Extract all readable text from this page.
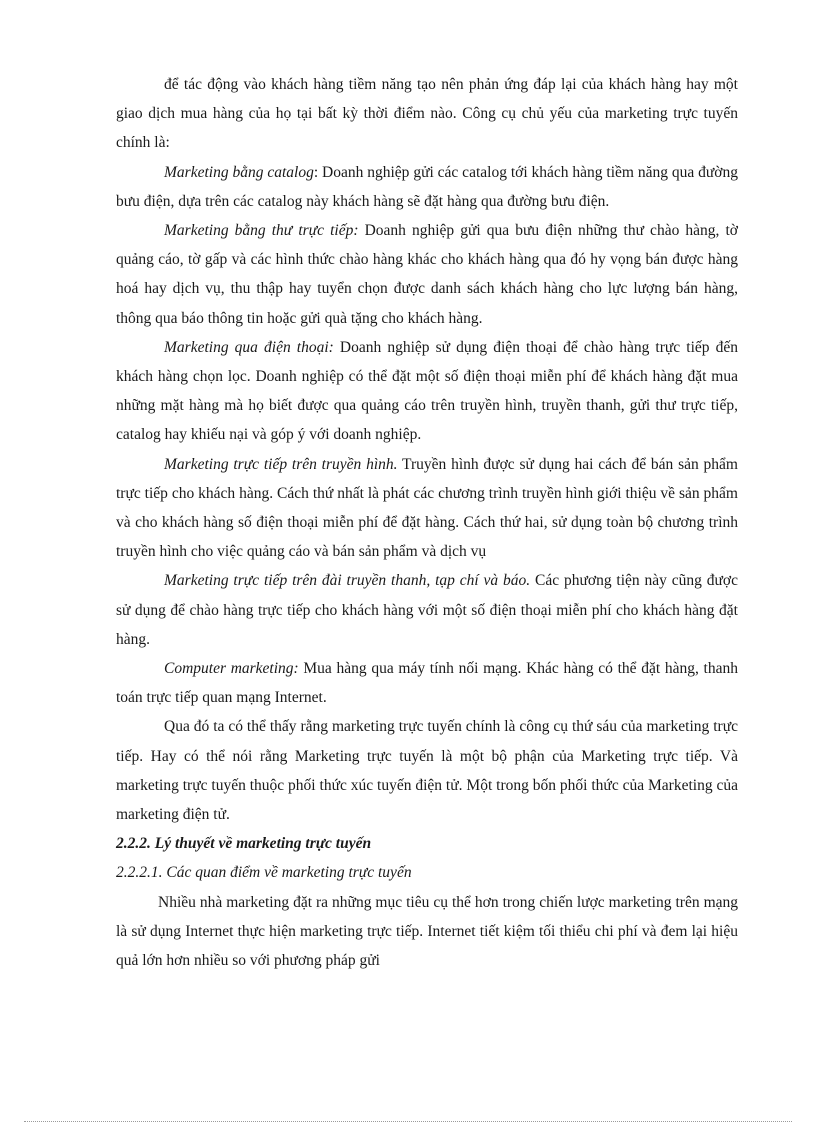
để tác động vào khách hàng tiềm năng tạo nên phản ứng đáp lại của khách hàng hay một giao dịch mua hàng của họ tại bất kỳ thời điểm nào. Công cụ chủ yếu của marketing trực tuyến chính là:

Marketing bằng catalog: Doanh nghiệp gửi các catalog tới khách hàng tiềm năng qua đường bưu điện, dựa trên các catalog này khách hàng sẽ đặt hàng qua đường bưu điện.

Marketing bằng thư trực tiếp: Doanh nghiệp gửi qua bưu điện những thư chào hàng, tờ quảng cáo, tờ gấp và các hình thức chào hàng khác cho khách hàng qua đó hy vọng bán được hàng hoá hay dịch vụ, thu thập hay tuyển chọn được danh sách khách hàng cho lực lượng bán hàng, thông qua báo thông tin hoặc gửi quà tặng cho khách hàng.

Marketing qua điện thoại: Doanh nghiệp sử dụng điện thoại để chào hàng trực tiếp đến khách hàng chọn lọc. Doanh nghiệp có thể đặt một số điện thoại miễn phí để khách hàng đặt mua những mặt hàng mà họ biết được qua quảng cáo trên truyền hình, truyền thanh, gửi thư trực tiếp, catalog hay khiếu nại và góp ý với doanh nghiệp.

Marketing trực tiếp trên truyền hình. Truyền hình được sử dụng hai cách để bán sản phẩm trực tiếp cho khách hàng. Cách thứ nhất là phát các chương trình truyền hình giới thiệu về sản phẩm và cho khách hàng số điện thoại miễn phí để đặt hàng. Cách thứ hai, sử dụng toàn bộ chương trình truyền hình cho việc quảng cáo và bán sản phẩm và dịch vụ

Marketing trực tiếp trên đài truyền thanh, tạp chí và báo. Các phương tiện này cũng được sử dụng để chào hàng trực tiếp cho khách hàng với một số điện thoại miễn phí cho khách hàng đặt hàng.

Computer marketing: Mua hàng qua máy tính nối mạng. Khác hàng có thể đặt hàng, thanh toán trực tiếp quan mạng Internet.

Qua đó ta có thể thấy rằng marketing trực tuyến chính là công cụ thứ sáu của marketing trực tiếp. Hay có thể nói rằng Marketing trực tuyến là một bộ phận của Marketing trực tiếp. Và marketing trực tuyến thuộc phối thức xúc tuyến điện tử. Một trong bốn phối thức của Marketing của marketing điện tử.

2.2.2. Lý thuyết về marketing trực tuyến

2.2.2.1. Các quan điểm về marketing trực tuyến

Nhiều nhà marketing đặt ra những mục tiêu cụ thể hơn trong chiến lược marketing trên mạng là sử dụng Internet thực hiện marketing trực tiếp. Internet tiết kiệm tối thiểu chi phí và đem lại hiệu quả lớn hơn nhiều so với phương pháp gửi
